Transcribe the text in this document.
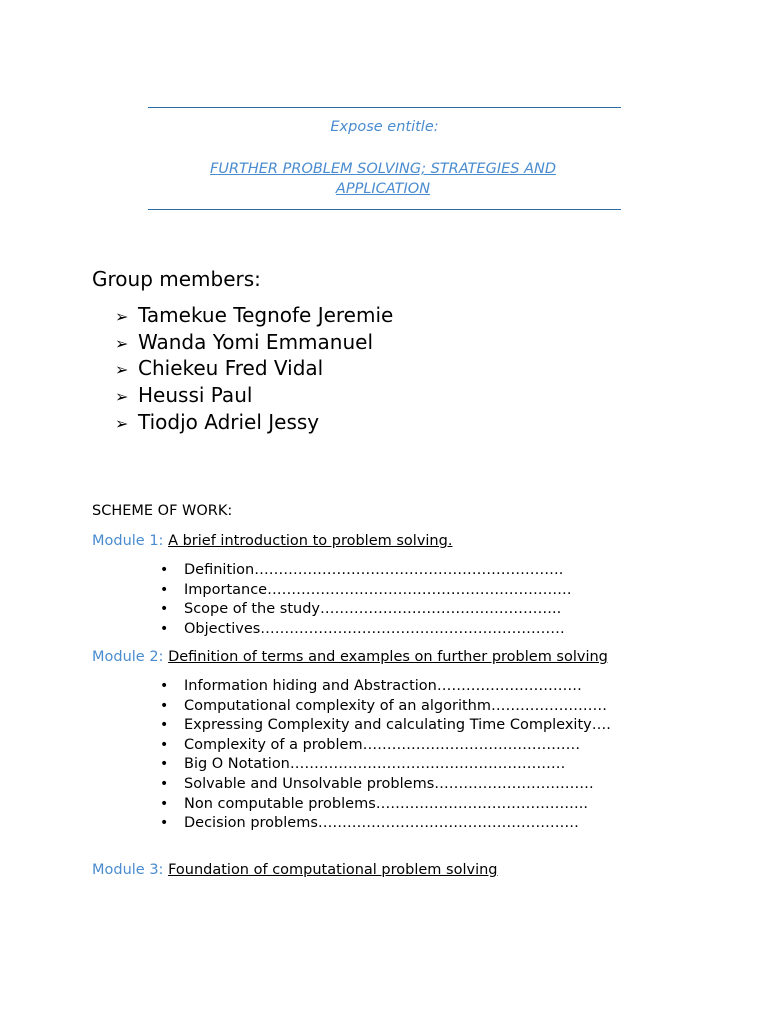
Expose entitle:
FURTHER PROBLEM SOLVING; STRATEGIES AND APPLICATION
Group members:
➢ Tamekue Tegnofe Jeremie
➢ Wanda Yomi Emmanuel
➢ Chiekeu Fred Vidal
➢ Heussi Paul
➢ Tiodjo Adriel Jessy
SCHEME OF WORK:
Module 1: A brief introduction to problem solving.
• Definition……………………………………………………….
• Importance………………………………………………………
• Scope of the study…………………………………………..
• Objectives………………………………………………………
Module 2: Definition of terms and examples on further problem solving
• Information hiding and Abstraction…………………………
• Computational complexity of an algorithm……………………
• Expressing Complexity and calculating Time Complexity….
• Complexity of a problem………………………………………
• Big O Notation…………………………………………………
• Solvable and Unsolvable problems……………………………
• Non computable problems……………………………………..
• Decision problems………………………………………………
Module 3: Foundation of computational problem solving
